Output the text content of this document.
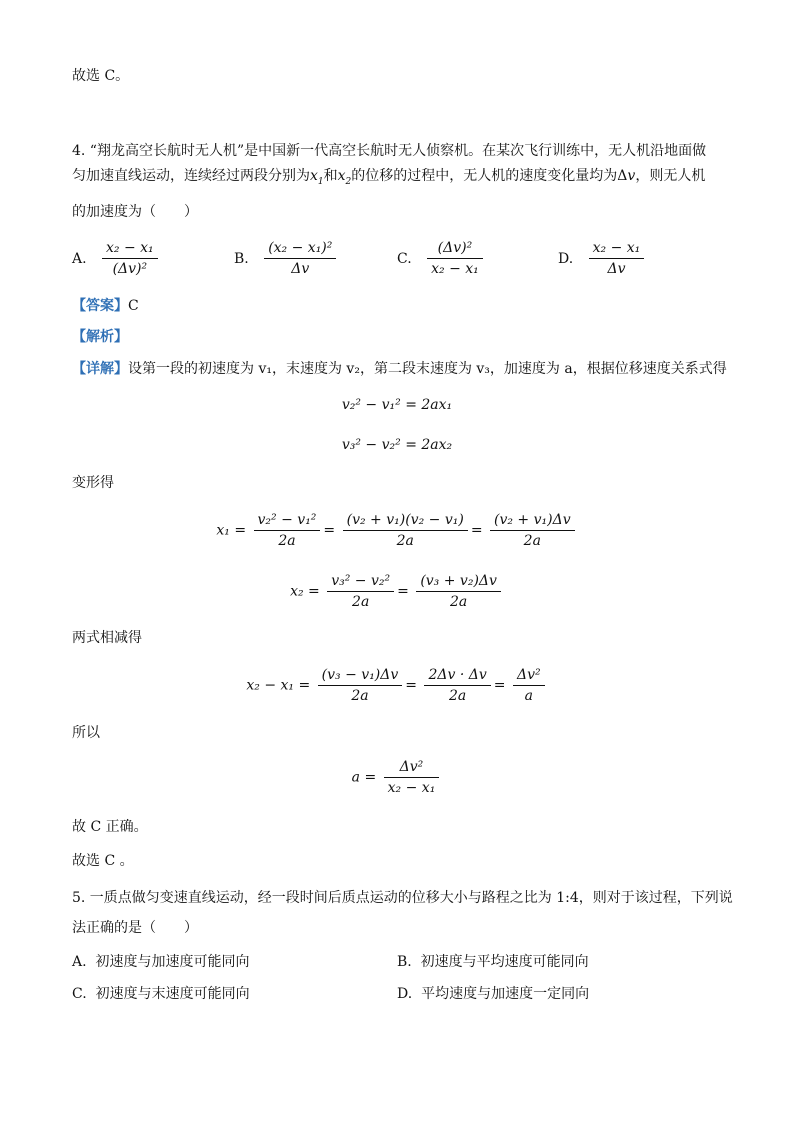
故选 C。
4. “翔龙高空长航时无人机”是中国新一代高空长航时无人侦察机。在某次飞行训练中，无人机沿地面做
匀加速直线运动，连续经过两段分别为$x_1$和$x_2$的位移的过程中，无人机的速度变化量均为Δv，则无人机
的加速度为（　　）
A. $\frac{\text{x₂ − x₁}}{\text{(Δv)²}}$	B. $\frac{\text{(x₂ − x₁)²}}{\Delta v}$	C. $\frac{\text{(Δv)²}}{\text{x₂ − x₁}}$	D. $\frac{\text{x₂ − x₁}}{\Delta v}$
【答案】C
【解析】
【详解】设第一段的初速度为 v₁，末速度为 v₂，第二段末速度为 v₃，加速度为 a，根据位移速度关系式得
v₂² − v₁² = 2ax₁
v₃² − v₂² = 2ax₂
变形得
$x_1 = \frac{\text{v₂² − v₁²}}{2a} = \frac{\text{(v₂ + v₁)(v₂ − v₁)}}{2a} = \frac{\text{(v₂ + v₁)Δv}}{2a}$
$x_2 = \frac{\text{v₃² − v₂²}}{2a} = \frac{\text{(v₃ + v₂)Δv}}{2a}$
两式相减得
$x_2 - x_1 = \frac{\text{(v₃ − v₁)Δv}}{2a} = \frac{2\Delta v \cdot \Delta v}{2a} = \frac{\text{Δv²}}{a}$
所以
$a = \frac{\text{Δv²}}{\text{x₂ − x₁}}$
故 C 正确。
故选 C 。
5. 一质点做匀变速直线运动，经一段时间后质点运动的位移大小与路程之比为 1:4，则对于该过程，下列说
法正确的是（　　）
A. 初速度与加速度可能同向	B. 初速度与平均速度可能同向
C. 初速度与末速度可能同向	D. 平均速度与加速度一定同向
